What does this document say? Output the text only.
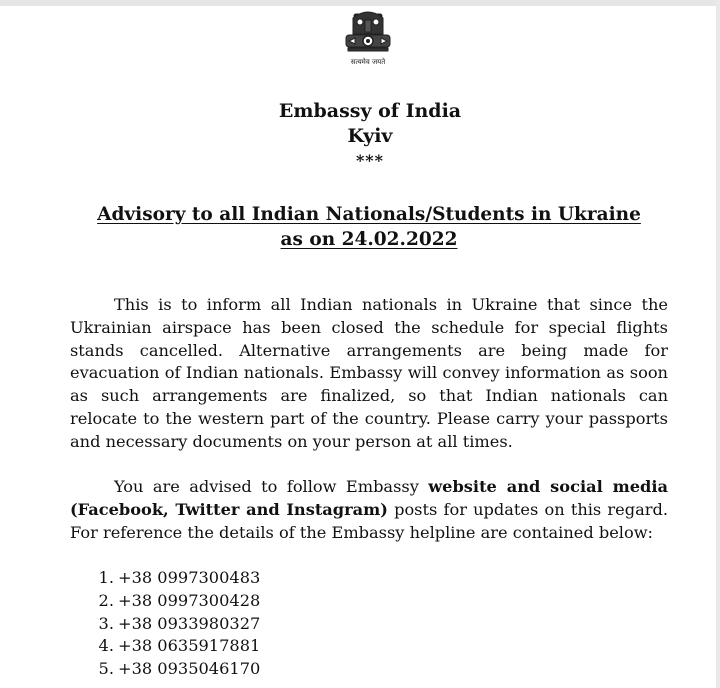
सत्यमेव जयते
Embassy of India
Kyiv
***
Advisory to all Indian Nationals/Students in Ukraine
as on 24.02.2022

This is to inform all Indian nationals in Ukraine that since the Ukrainian airspace has been closed the schedule for special flights stands cancelled. Alternative arrangements are being made for evacuation of Indian nationals. Embassy will convey information as soon as such arrangements are finalized, so that Indian nationals can relocate to the western part of the country. Please carry your passports and necessary documents on your person at all times.

You are advised to follow Embassy website and social media (Facebook, Twitter and Instagram) posts for updates on this regard. For reference the details of the Embassy helpline are contained below:

1. +38 0997300483
2. +38 0997300428
3. +38 0933980327
4. +38 0635917881
5. +38 0935046170
